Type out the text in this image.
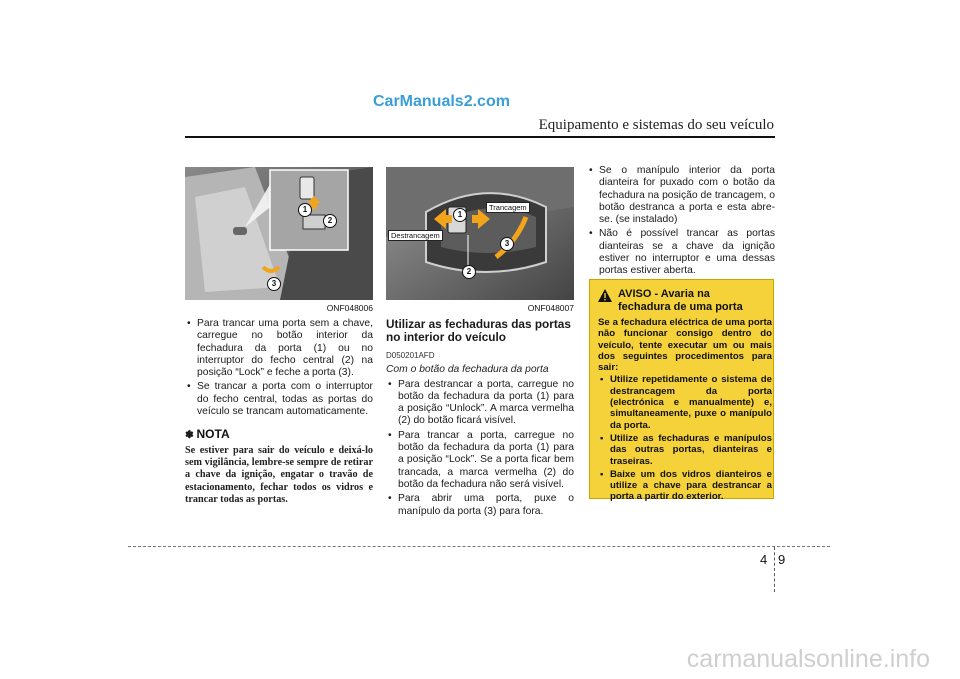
CarManuals2.com
Equipamento e sistemas do seu veículo
1
2
3
ONF048006
Destrancagem
Trancagem
1
2
3
ONF048007
• Para trancar uma porta sem a chave, carregue no botão interior da fechadura da porta (1) ou no interruptor do fecho central (2) na posição “Lock” e feche a porta (3).
• Se trancar a porta com o interruptor do fecho central, todas as portas do veículo se trancam automaticamente.
✽ NOTA
Se estiver para sair do veículo e deixá-lo sem vigilância, lembre-se sempre de retirar a chave da ignição, engatar o travão de estacionamento, fechar todos os vidros e trancar todas as portas.
Utilizar as fechaduras das portas no interior do veículo
D050201AFD
Com o botão da fechadura da porta
• Para destrancar a porta, carregue no botão da fechadura da porta (1) para a posição “Unlock”. A marca vermelha (2) do botão ficará visível.
• Para trancar a porta, carregue no botão da fechadura da porta (1) para a posição “Lock”. Se a porta ficar bem trancada, a marca vermelha (2) do botão da fechadura não será visível.
• Para abrir uma porta, puxe o manípulo da porta (3) para fora.
• Se o manípulo interior da porta dianteira for puxado com o botão da fechadura na posição de trancagem, o botão destranca a porta e esta abre-se. (se instalado)
• Não é possível trancar as portas dianteiras se a chave da ignição estiver no interruptor e uma dessas portas estiver aberta.
AVISO - Avaria na
fechadura de uma porta
Se a fechadura eléctrica de uma porta não funcionar consigo dentro do veículo, tente executar um ou mais dos seguintes procedimentos para sair:
• Utilize repetidamente o sistema de destrancagem da porta (electrónica e manualmente) e, simultaneamente, puxe o manípulo da porta.
• Utilize as fechaduras e manípulos das outras portas, dianteiras e traseiras.
• Baixe um dos vidros dianteiros e utilize a chave para destrancar a porta a partir do exterior.
4 9
carmanualsonline.info
